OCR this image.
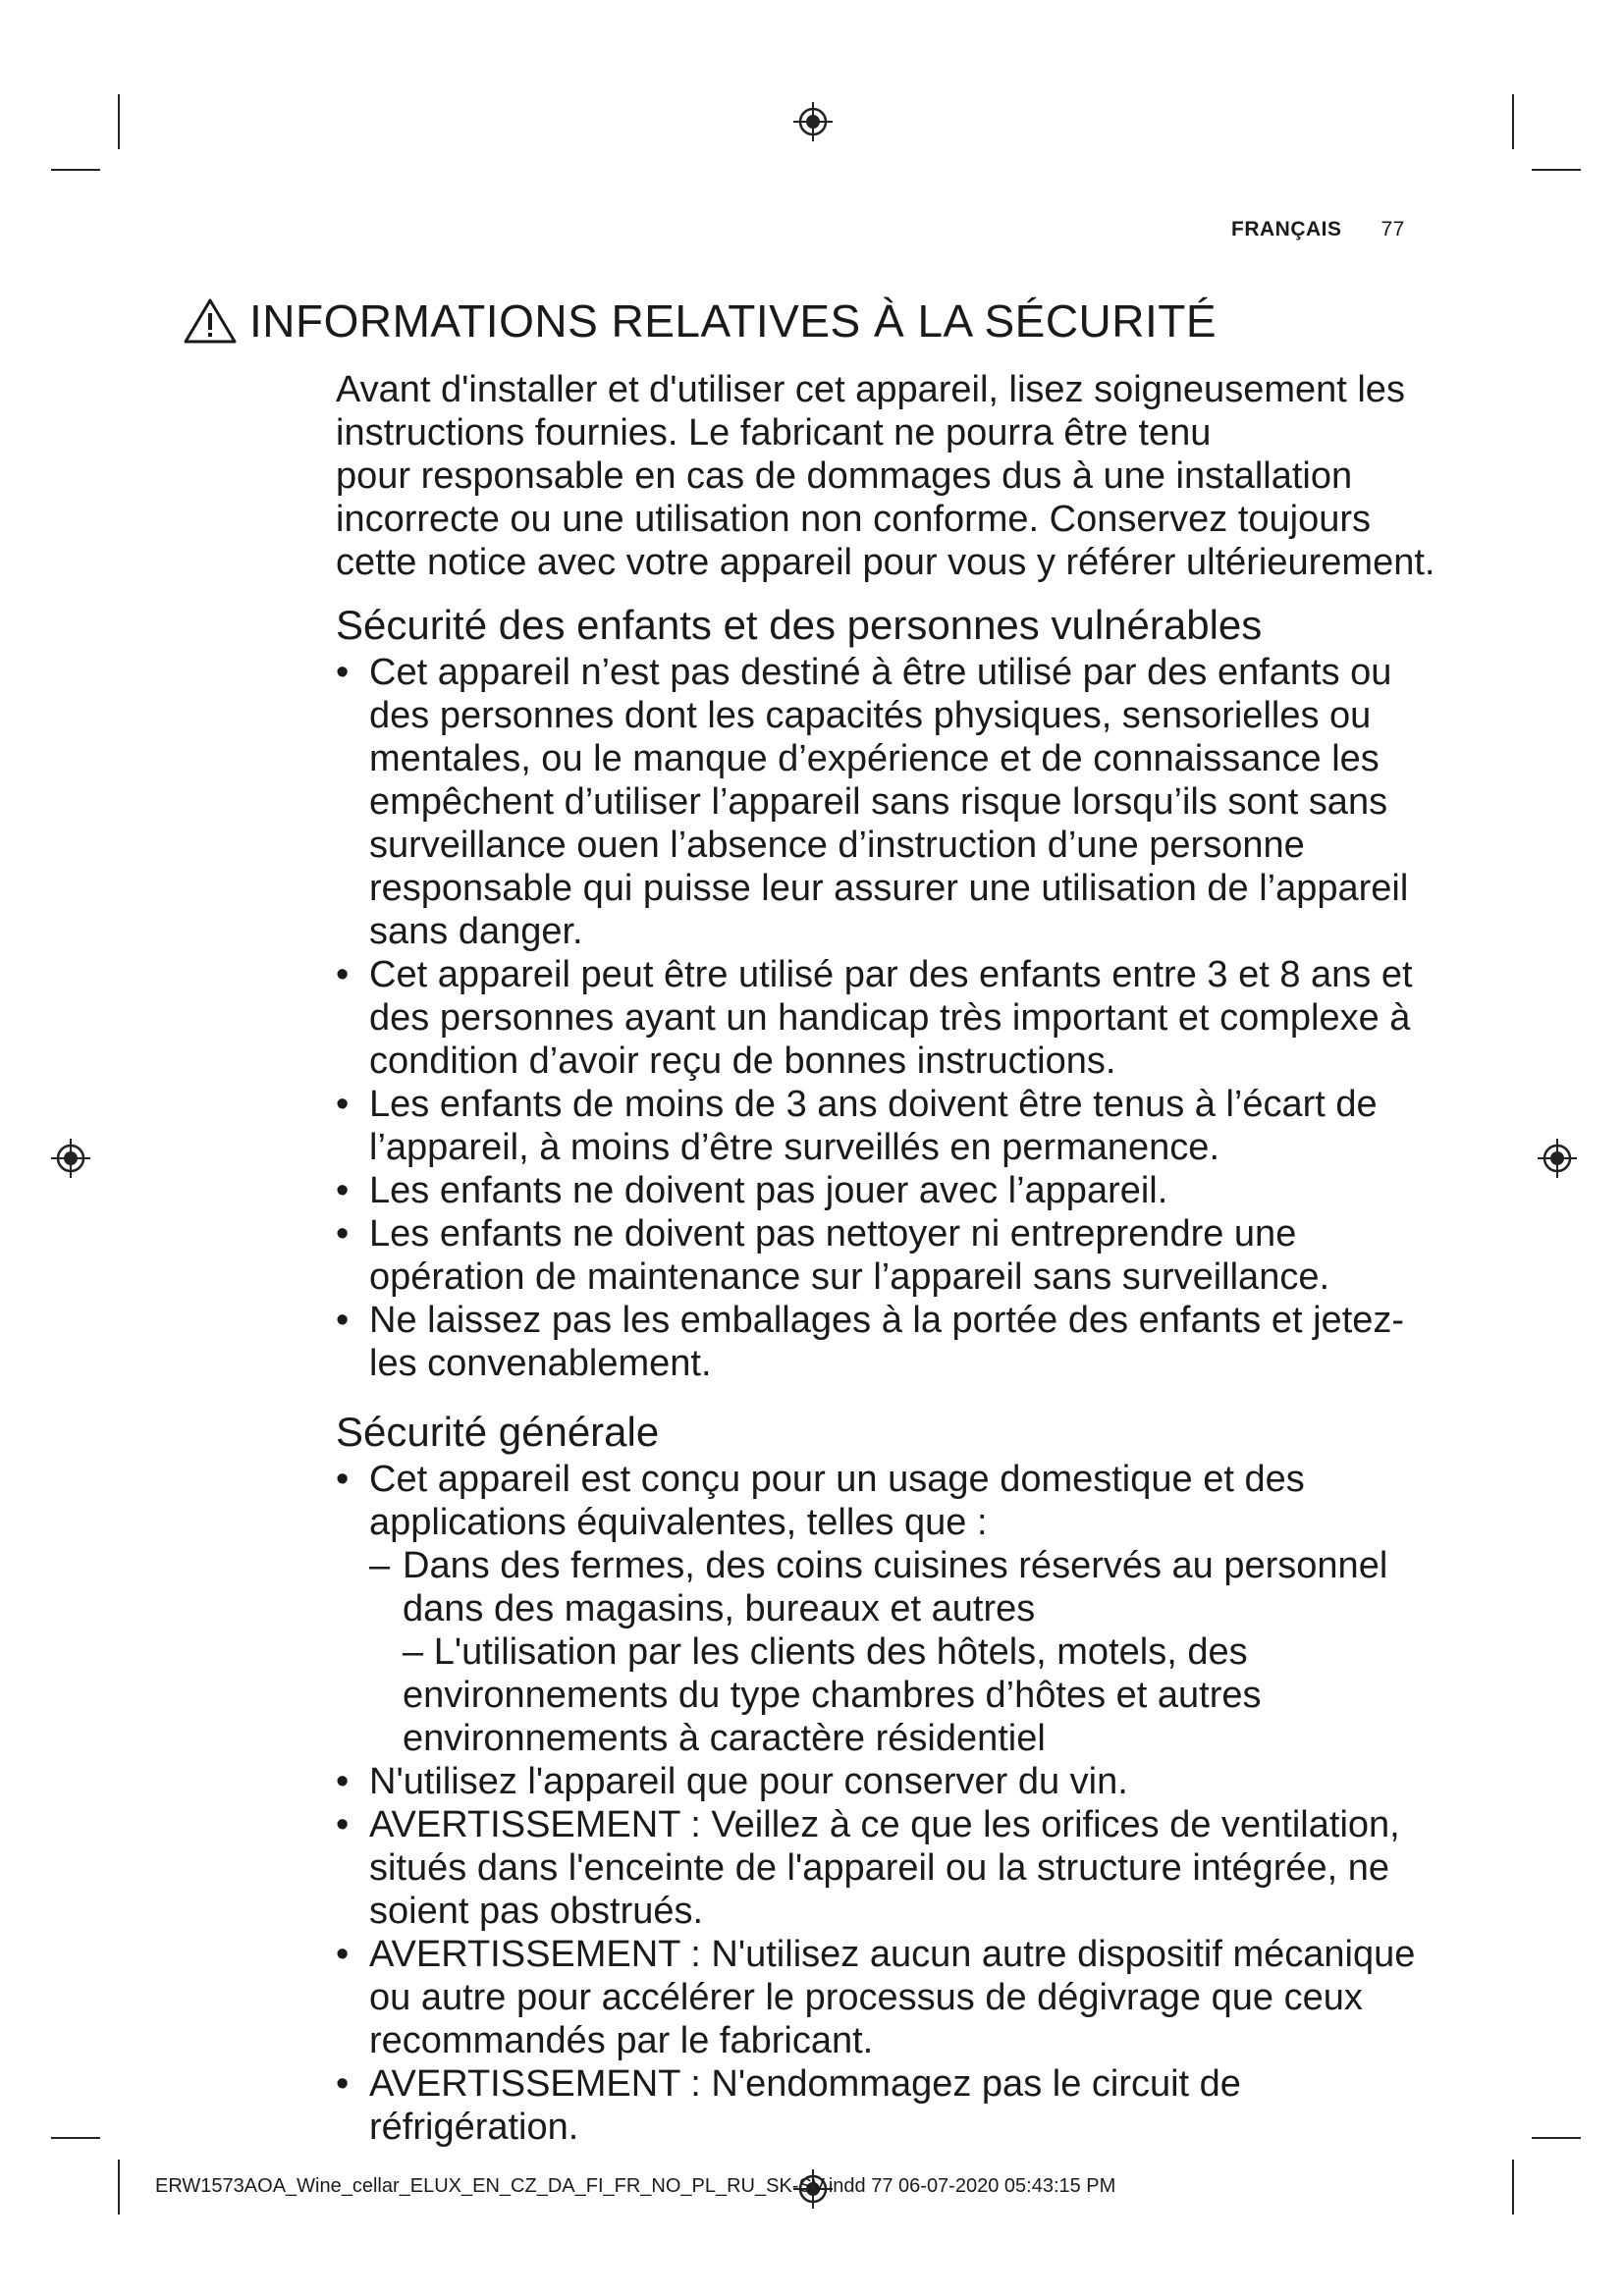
FRANÇAIS 77
INFORMATIONS RELATIVES À LA SÉCURITÉ

Avant d'installer et d'utiliser cet appareil, lisez soigneusement les
instructions fournies. Le fabricant ne pourra être tenu
pour responsable en cas de dommages dus à une installation
incorrecte ou une utilisation non conforme. Conservez toujours
cette notice avec votre appareil pour vous y référer ultérieurement.

Sécurité des enfants et des personnes vulnérables

• Cet appareil n’est pas destiné à être utilisé par des enfants ou des personnes dont les capacités physiques, sensorielles ou mentales, ou le manque d’expérience et de connaissance les empêchent d’utiliser l’appareil sans risque lorsqu’ils sont sans surveillance ouen l’absence d’instruction d’une personne responsable qui puisse leur assurer une utilisation de l’appareil sans danger.
• Cet appareil peut être utilisé par des enfants entre 3 et 8 ans et des personnes ayant un handicap très important et complexe à condition d’avoir reçu de bonnes instructions.
• Les enfants de moins de 3 ans doivent être tenus à l’écart de l’appareil, à moins d’être surveillés en permanence.
• Les enfants ne doivent pas jouer avec l’appareil.
• Les enfants ne doivent pas nettoyer ni entreprendre une opération de maintenance sur l’appareil sans surveillance.
• Ne laissez pas les emballages à la portée des enfants et jetez-les convenablement.

Sécurité générale

• Cet appareil est conçu pour un usage domestique et des applications équivalentes, telles que :
– Dans des fermes, des coins cuisines réservés au personnel dans des magasins, bureaux et autres
– L'utilisation par les clients des hôtels, motels, des environnements du type chambres d’hôtes et autres environnements à caractère résidentiel
• N'utilisez l'appareil que pour conserver du vin.
• AVERTISSEMENT : Veillez à ce que les orifices de ventilation, situés dans l'enceinte de l'appareil ou la structure intégrée, ne soient pas obstrués.
• AVERTISSEMENT : N'utilisez aucun autre dispositif mécanique ou autre pour accélérer le processus de dégivrage que ceux recommandés par le fabricant.
• AVERTISSEMENT : N'endommagez pas le circuit de réfrigération.
ERW1573AOA_Wine_cellar_ELUX_EN_CZ_DA_FI_FR_NO_PL_RU_SK-SV.indd 77 06-07-2020 05:43:15 PM
